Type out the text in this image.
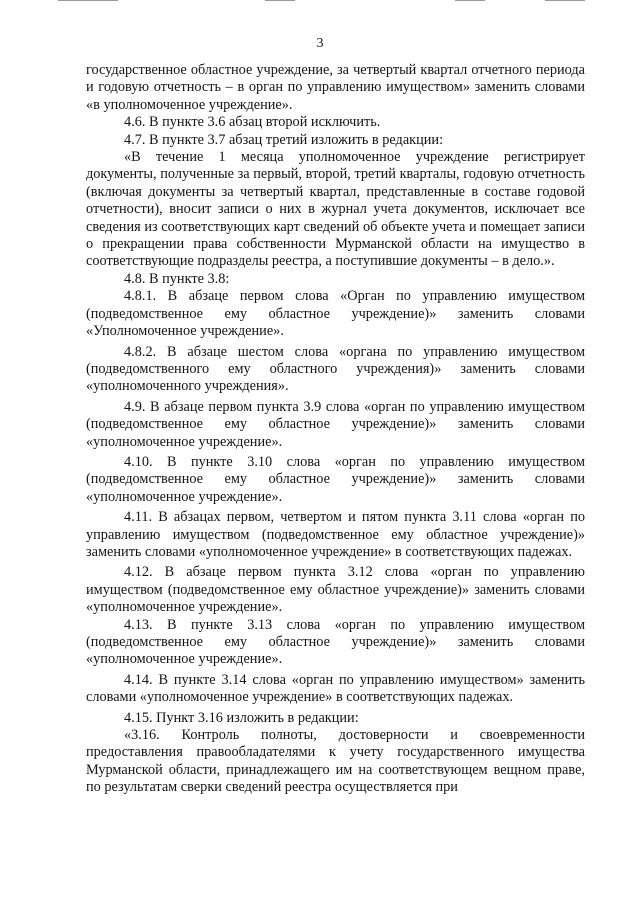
3

государственное областное учреждение, за четвертый квартал отчетного периода и годовую отчетность – в орган по управлению имуществом» заменить словами «в уполномоченное учреждение».

4.6. В пункте 3.6 абзац второй исключить.

4.7. В пункте 3.7 абзац третий изложить в редакции:

«В течение 1 месяца уполномоченное учреждение регистрирует документы, полученные за первый, второй, третий кварталы, годовую отчетность (включая документы за четвертый квартал, представленные в составе годовой отчетности), вносит записи о них в журнал учета документов, исключает все сведения из соответствующих карт сведений об объекте учета и помещает записи о прекращении права собственности Мурманской области на имущество в соответствующие подразделы реестра, а поступившие документы – в дело.».

4.8. В пункте 3.8:

4.8.1. В абзаце первом слова «Орган по управлению имуществом (подведомственное ему областное учреждение)» заменить словами «Уполномоченное учреждение».

4.8.2. В абзаце шестом слова «органа по управлению имуществом (подведомственного ему областного учреждения)» заменить словами «уполномоченного учреждения».

4.9. В абзаце первом пункта 3.9 слова «орган по управлению имуществом (подведомственное ему областное учреждение)» заменить словами «уполномоченное учреждение».

4.10. В пункте 3.10 слова «орган по управлению имуществом (подведомственное ему областное учреждение)» заменить словами «уполномоченное учреждение».

4.11. В абзацах первом, четвертом и пятом пункта 3.11 слова «орган по управлению имуществом (подведомственное ему областное учреждение)» заменить словами «уполномоченное учреждение» в соответствующих падежах.

4.12. В абзаце первом пункта 3.12 слова «орган по управлению имуществом (подведомственное ему областное учреждение)» заменить словами «уполномоченное учреждение».

4.13. В пункте 3.13 слова «орган по управлению имуществом (подведомственное ему областное учреждение)» заменить словами «уполномоченное учреждение».

4.14. В пункте 3.14 слова «орган по управлению имуществом» заменить словами «уполномоченное учреждение» в соответствующих падежах.

4.15. Пункт 3.16 изложить в редакции:

«3.16. Контроль полноты, достоверности и своевременности предоставления правообладателями к учету государственного имущества Мурманской области, принадлежащего им на соответствующем вещном праве, по результатам сверки сведений реестра осуществляется при
